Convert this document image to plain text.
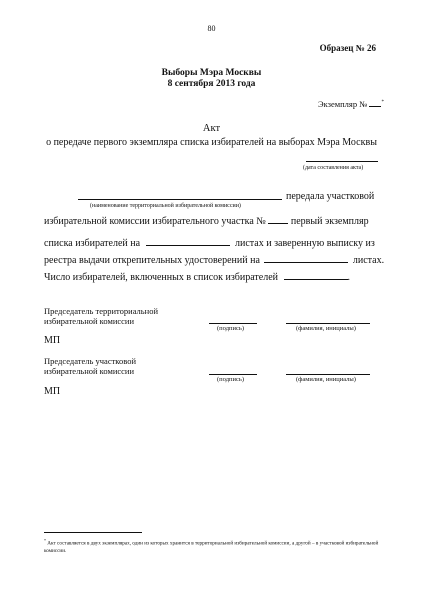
80
Образец № 26
Выборы Мэра Москвы
8 сентября 2013 года
Экземпляр №	*
Акт
о передаче первого экземпляра списка избирателей на выборах Мэра Москвы
(дата составления акта)
передала участковой
(наименование территориальной избирательной комиссии)
избирательной комиссии избирательного участка №	первый экземпляр
списка избирателей на	листах и заверенную выписку из
реестра выдачи открепительных удостоверений на	листах.
Число избирателей, включенных в список избирателей	.
Председатель территориальной избирательной комиссии
(подпись)	(фамилия, инициалы)
МП
Председатель участковой избирательной комиссии
(подпись)	(фамилия, инициалы)
МП
* Акт составляется в двух экземплярах, один из которых хранится в территориальной избирательной комиссии, а другой – в участковой избирательной комиссии.
